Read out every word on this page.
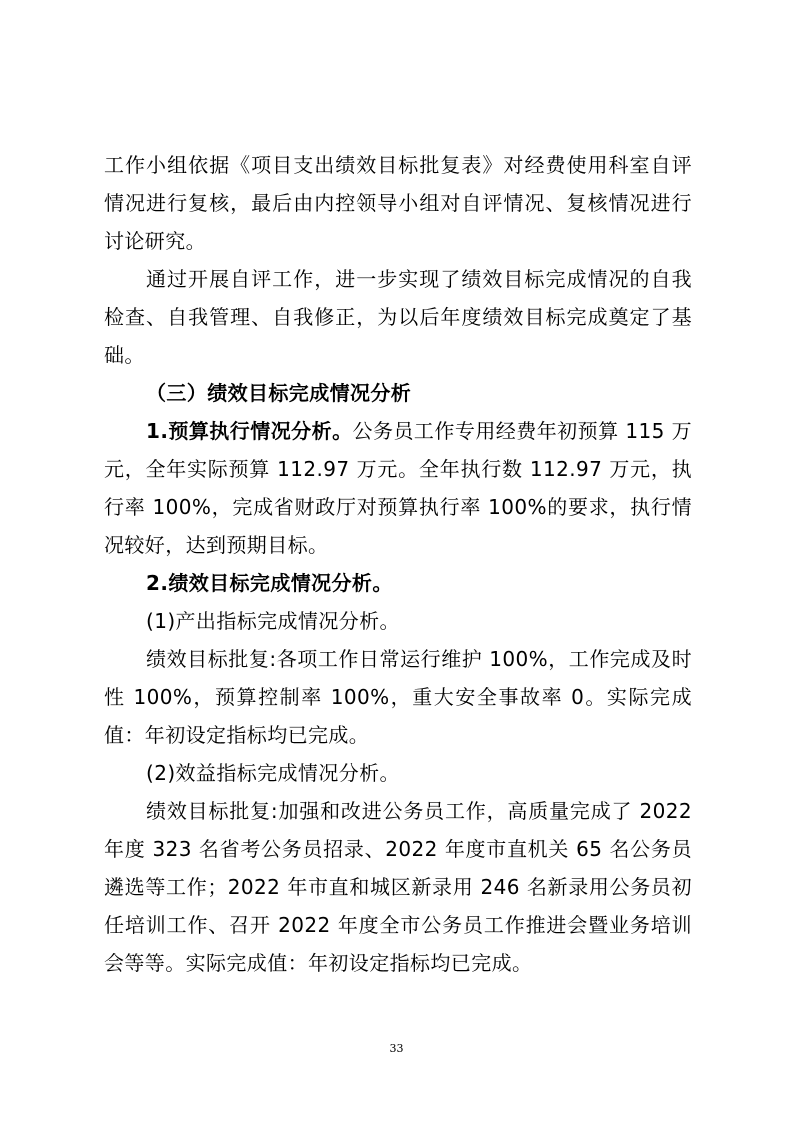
工作小组依据《项目支出绩效目标批复表》对经费使用科室自评情况进行复核，最后由内控领导小组对自评情况、复核情况进行讨论研究。

通过开展自评工作，进一步实现了绩效目标完成情况的自我检查、自我管理、自我修正，为以后年度绩效目标完成奠定了基础。

（三）绩效目标完成情况分析

1.预算执行情况分析。公务员工作专用经费年初预算 115 万元，全年实际预算 112.97 万元。全年执行数 112.97 万元，执行率 100%，完成省财政厅对预算执行率 100%的要求，执行情况较好，达到预期目标。

2.绩效目标完成情况分析。

(1)产出指标完成情况分析。

绩效目标批复:各项工作日常运行维护 100%，工作完成及时性 100%，预算控制率 100%，重大安全事故率 0。实际完成值：年初设定指标均已完成。

(2)效益指标完成情况分析。

绩效目标批复:加强和改进公务员工作，高质量完成了 2022 年度 323 名省考公务员招录、2022 年度市直机关 65 名公务员遴选等工作；2022 年市直和城区新录用 246 名新录用公务员初任培训工作、召开 2022 年度全市公务员工作推进会暨业务培训会等等。实际完成值：年初设定指标均已完成。

33
